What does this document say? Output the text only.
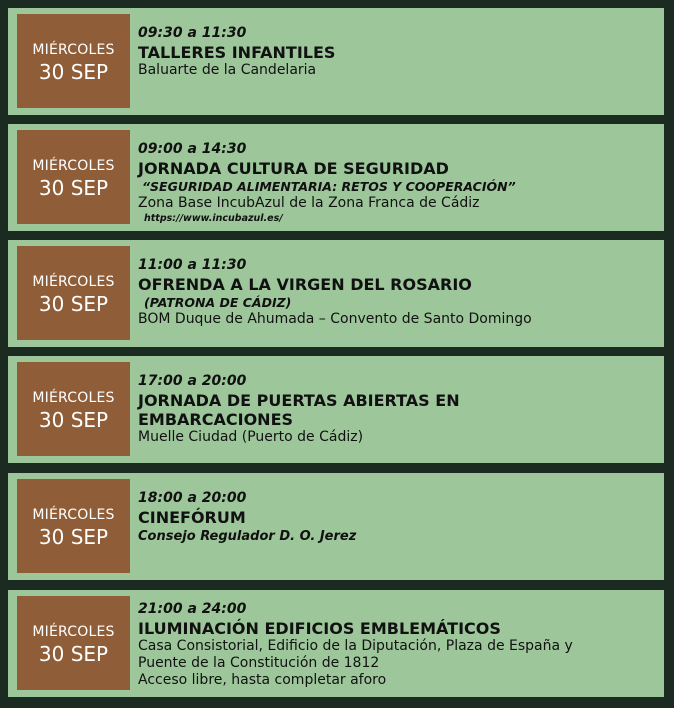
MIÉRCOLES
30 SEP
09:30 a 11:30
TALLERES INFANTILES
Baluarte de la Candelaria
MIÉRCOLES
30 SEP
09:00 a 14:30
JORNADA CULTURA DE SEGURIDAD
“SEGURIDAD ALIMENTARIA: RETOS Y COOPERACIÓN”
Zona Base IncubAzul de la Zona Franca de Cádiz
https://www.incubazul.es/
MIÉRCOLES
30 SEP
11:00 a 11:30
OFRENDA A LA VIRGEN DEL ROSARIO
(PATRONA DE CÁDIZ)
BOM Duque de Ahumada – Convento de Santo Domingo
MIÉRCOLES
30 SEP
17:00 a 20:00
JORNADA DE PUERTAS ABIERTAS EN
EMBARCACIONES
Muelle Ciudad (Puerto de Cádiz)
MIÉRCOLES
30 SEP
18:00 a 20:00
CINEFÓRUM
Consejo Regulador D. O. Jerez
MIÉRCOLES
30 SEP
21:00 a 24:00
ILUMINACIÓN EDIFICIOS EMBLEMÁTICOS
Casa Consistorial, Edificio de la Diputación, Plaza de España y
Puente de la Constitución de 1812
Acceso libre, hasta completar aforo
